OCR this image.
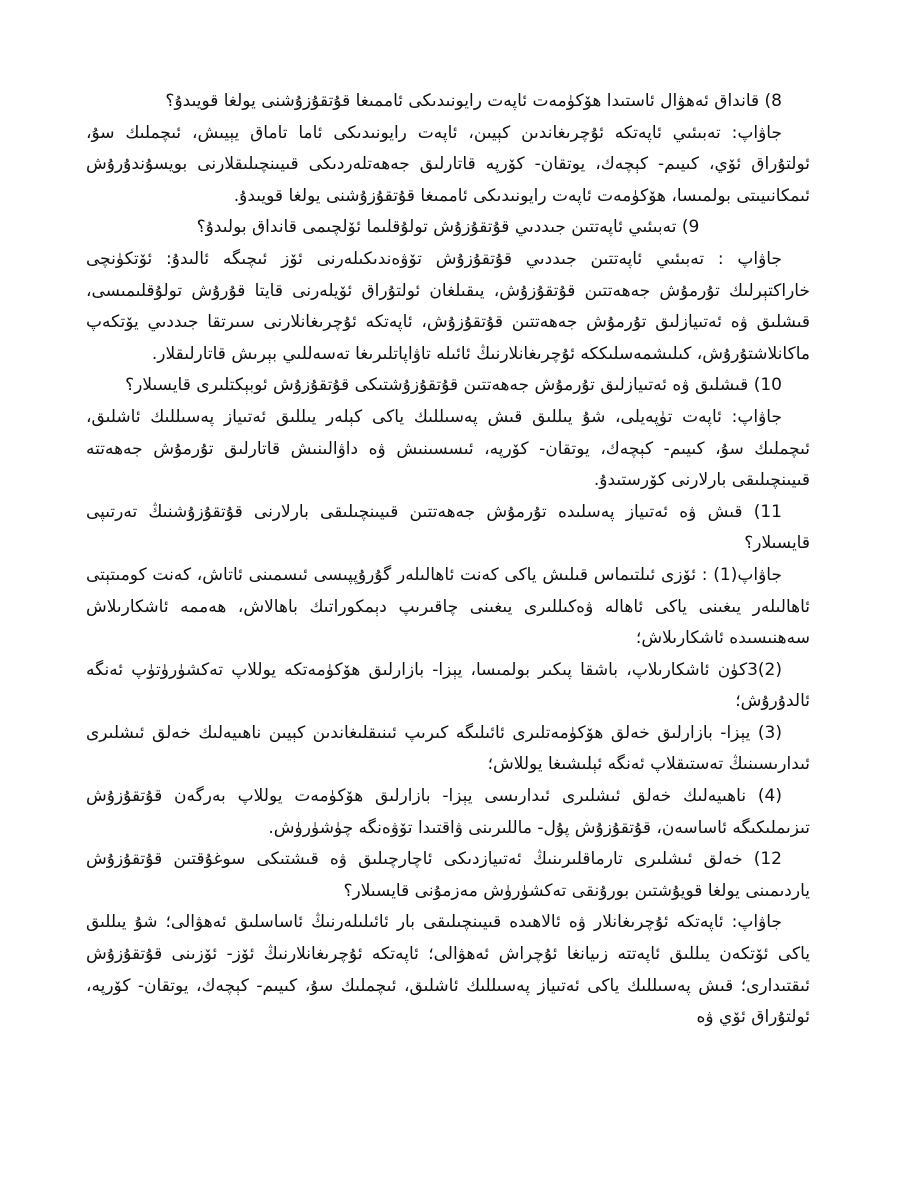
8) قانداق ئەھۋال ئاستىدا ھۆكۈمەت ئاپەت رايونىدىكى ئاممىغا قۇتقۇزۇشنى يولغا قويىدۇ؟

جاۋاپ: تەبىئىي ئاپەتكە ئۇچرىغاندىن كېيىن، ئاپەت رايونىدىكى ئاما تاماق يېيىش، ئىچملىك سۇ، ئولتۇراق ئۆي، كىيىم- كېچەك، يوتقان- كۆرپە قاتارلىق جەھەتلەردىكى قىيىنچىلىقلارنى بويسۇندۇرۇش ئىمكانىيىتى بولمىسا، ھۆكۈمەت ئاپەت رايونىدىكى ئاممىغا قۇتقۇزۇشنى يولغا قويىدۇ.

9) تەبىئىي ئاپەتتىن جىددىي قۇتقۇزۇش تولۇقلىما ئۆلچىمى قانداق بولىدۇ؟

جاۋاپ : تەبىئىي ئاپەتتىن جىددىي قۇتقۇزۇش تۆۋەندىكىلەرنى ئۆز ئىچىگە ئالىدۇ: ئۆتكۈنچى خاراكتېرلىك تۇرمۇش جەھەتتىن قۇتقۇزۇش، يىقىلغان ئولتۇراق ئۆيلەرنى قايتا قۇرۇش تولۇقلىمىسى، قىشلىق ۋە ئەتىيازلىق تۇرمۇش جەھەتتىن قۇتقۇزۇش، ئاپەتكە ئۇچرىغانلارنى سىرتقا جىددىي يۆتكەپ ماكانلاشتۇرۇش، كىلىشمەسلىككە ئۇچرىغانلارنىڭ ئائىلە تاۋاپاتلىرىغا تەسەللىي بېرىش قاتارلىقلار.

10) قىشلىق ۋە ئەتىيازلىق تۇرمۇش جەھەتتىن قۇتقۇزۇشتىكى قۇتقۇزۇش ئوبېكتلىرى قايسىلار؟

جاۋاپ: ئاپەت تۈپەيلى، شۇ يىللىق قىش پەسىللىك ياكى كېلەر يىللىق ئەتىياز پەسىللىك ئاشلىق، ئىچملىك سۇ، كىيىم- كېچەك، يوتقان- كۆرپە، ئىسسىنىش ۋە داۋالىنىش قاتارلىق تۇرمۇش جەھەتتە قىيىنچىلىقى بارلارنى كۆرستىدۇ.

11) قىش ۋە ئەتىياز پەسلىدە تۇرمۇش جەھەتتىن قىيىنچىلىقى بارلارنى قۇتقۇزۇشنىڭ تەرتىپى قايسىلار؟

جاۋاپ(1) : ئۆزى ئىلتىماس قىلىش ياكى كەنت ئاھالىلەر گۇرۇپپىسى ئىسمىنى ئاتاش، كەنت كومىتېتى ئاھالىلەر يىغىنى ياكى ئاھالە ۋەكىللىرى يىغىنى چاقىرىپ دېمكوراتىك باھالاش، ھەممە ئاشكارىلاش سەھنىسىدە ئاشكارىلاش؛

(2)3كۈن ئاشكارىلاپ، باشقا پىكىر بولمىسا، يېزا- بازارلىق ھۆكۈمەتكە يوللاپ تەكشۈرۈتۈپ ئەنگە ئالدۇرۇش؛

(3) يېزا- بازارلىق خەلق ھۆكۈمەتلىرى ئائىلىگە كىرىپ ئىنىقلىغاندىن كېيىن ناھىيەلىك خەلق ئىشلىرى ئىدارىسىنىڭ تەستىقلاپ ئەنگە ئېلىشىغا يوللاش؛

(4) ناھىيەلىك خەلق ئىشلىرى ئىدارىسى يېزا- بازارلىق ھۆكۈمەت يوللاپ بەرگەن قۇتقۇزۇش تىزىملىكىگە ئاساسەن، قۇتقۇزۇش پۇل- ماللىرىنى ۋاقتىدا تۆۋەنگە چۈشۈرۈش.

12) خەلق ئىشلىرى تارماقلىرىنىڭ ئەتىيازدىكى ئاچارچىلىق ۋە قىشتىكى سوغۇقتىن قۇتقۇزۇش ياردىمىنى يولغا قويۇشتىن بورۇنقى تەكشۈرۈش مەزمۇنى قايسىلار؟

جاۋاپ: ئاپەتكە ئۇچرىغانلار ۋە ئالاھىدە قىيىنچىلىقى بار ئائىلىلەرنىڭ ئاساسلىق ئەھۋالى؛ شۇ يىللىق ياكى ئۆتكەن يىللىق ئاپەتتە زىيانغا ئۇچراش ئەھۋالى؛ ئاپەتكە ئۇچرىغانلارنىڭ ئۆز- ئۆزىنى قۇتقۇزۇش ئىقتىدارى؛ قىش پەسىللىك ياكى ئەتىياز پەسىللىك ئاشلىق، ئىچملىك سۇ، كىيىم- كېچەك، يوتقان- كۆرپە، ئولتۇراق ئۆي ۋە
